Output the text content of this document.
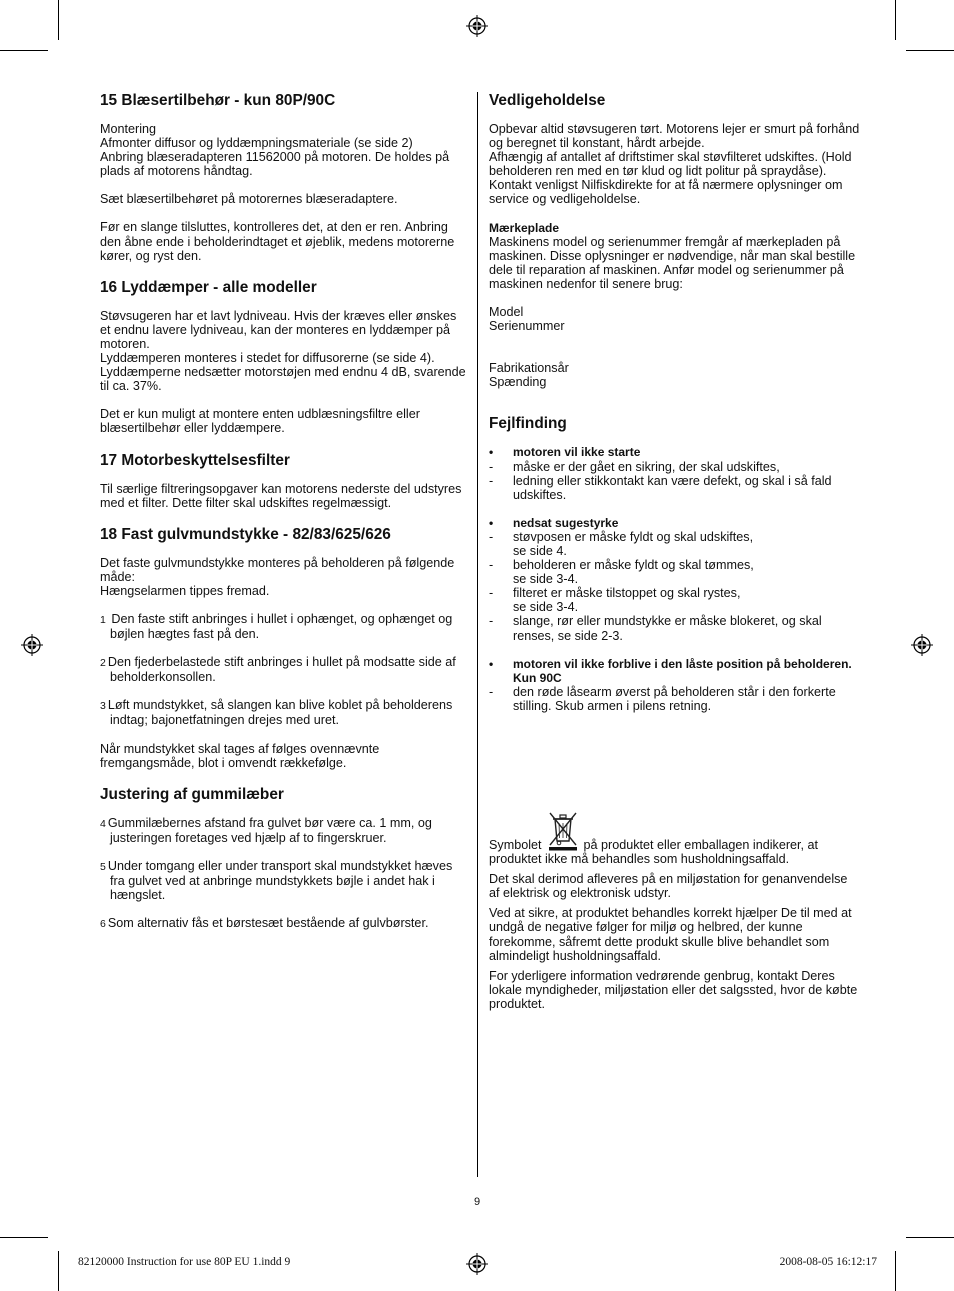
15 Blæsertilbehør - kun 80P/90C

Montering
Afmonter diffusor og lyddæmpningsmateriale (se side 2)
Anbring blæseradapteren 11562000 på motoren. De holdes på plads af motorens håndtag.

Sæt blæsertilbehøret på motorernes blæseradaptere.

Før en slange tilsluttes, kontrolleres det, at den er ren. Anbring den åbne ende i beholderindtaget et øjeblik, medens motorerne kører, og ryst den.

16 Lyddæmper - alle modeller

Støvsugeren har et lavt lydniveau. Hvis der kræves eller ønskes et endnu lavere lydniveau, kan der monteres en lyddæmper på motoren.
Lyddæmperen monteres i stedet for diffusorerne (se side 4).
Lyddæmperne nedsætter motorstøjen med endnu 4 dB, svarende til ca. 37%.

Det er kun muligt at montere enten udblæsningsfiltre eller blæsertilbehør eller lyddæmpere.

17 Motorbeskyttelsesfilter

Til særlige filtreringsopgaver kan motorens nederste del udstyres med et filter. Dette filter skal udskiftes regelmæssigt.

18 Fast gulvmundstykke - 82/83/625/626

Det faste gulvmundstykke monteres på beholderen på følgende måde:
Hængselarmen tippes fremad.

1 Den faste stift anbringes i hullet i ophænget, og ophænget og bøjlen hægtes fast på den.
2 Den fjederbelastede stift anbringes i hullet på modsatte side af beholderkonsollen.
3 Løft mundstykket, så slangen kan blive koblet på beholderens indtag; bajonetfatningen drejes med uret.

Når mundstykket skal tages af følges ovennævnte fremgangsmåde, blot i omvendt rækkefølge.

Justering af gummilæber
4 Gummilæbernes afstand fra gulvet bør være ca. 1 mm, og justeringen foretages ved hjælp af to fingerskruer.
5 Under tomgang eller under transport skal mundstykket hæves fra gulvet ved at anbringe mundstykkets bøjle i andet hak i hængslet.
6 Som alternativ fås et børstesæt bestående af gulvbørster.
Vedligeholdelse

Opbevar altid støvsugeren tørt. Motorens lejer er smurt på forhånd og beregnet til konstant, hårdt arbejde.
Afhængig af antallet af driftstimer skal støvfilteret udskiftes. (Hold beholderen ren med en tør klud og lidt politur på spraydåse).
Kontakt venligst Nilfiskdirekte for at få nærmere oplysninger om service og vedligeholdelse.

Mærkeplade
Maskinens model og serienummer fremgår af mærkepladen på maskinen. Disse oplysninger er nødvendige, når man skal bestille dele til reparation af maskinen. Anfør model og serienummer på maskinen nedenfor til senere brug:
Model
Serienummer
Fabrikationsår
Spænding
Fejlfinding
• motoren vil ikke starte
- måske er der gået en sikring, der skal udskiftes,
- ledning eller stikkontakt kan være defekt, og skal i så fald udskiftes.
• nedsat sugestyrke
- støvposen er måske fyldt og skal udskiftes,
se side 4.
- beholderen er måske fyldt og skal tømmes,
se side 3-4.
- filteret er måske tilstoppet og skal rystes,
se side 3-4.
- slange, rør eller mundstykke er måske blokeret, og skal renses, se side 2-3.
• motoren vil ikke forblive i den låste position på beholderen. Kun 90C
- den røde låsearm øverst på beholderen står i den forkerte stilling. Skub armen i pilens retning.

Symbolet	på produktet eller emballagen indikerer, at produktet ikke må behandles som husholdningsaffald.

Det skal derimod afleveres på en miljøstation for genanvendelse af elektrisk og elektronisk udstyr.

Ved at sikre, at produktet behandles korrekt hjælper De til med at undgå de negative følger for miljø og helbred, der kunne forekomme, såfremt dette produkt skulle blive behandlet som almindeligt husholdningsaffald.

For yderligere information vedrørende genbrug, kontakt Deres lokale myndigheder, miljøstation eller det salgssted, hvor de købte produktet.

9
82120000 Instruction for use 80P EU 1.indd 9	2008-08-05 16:12:17
